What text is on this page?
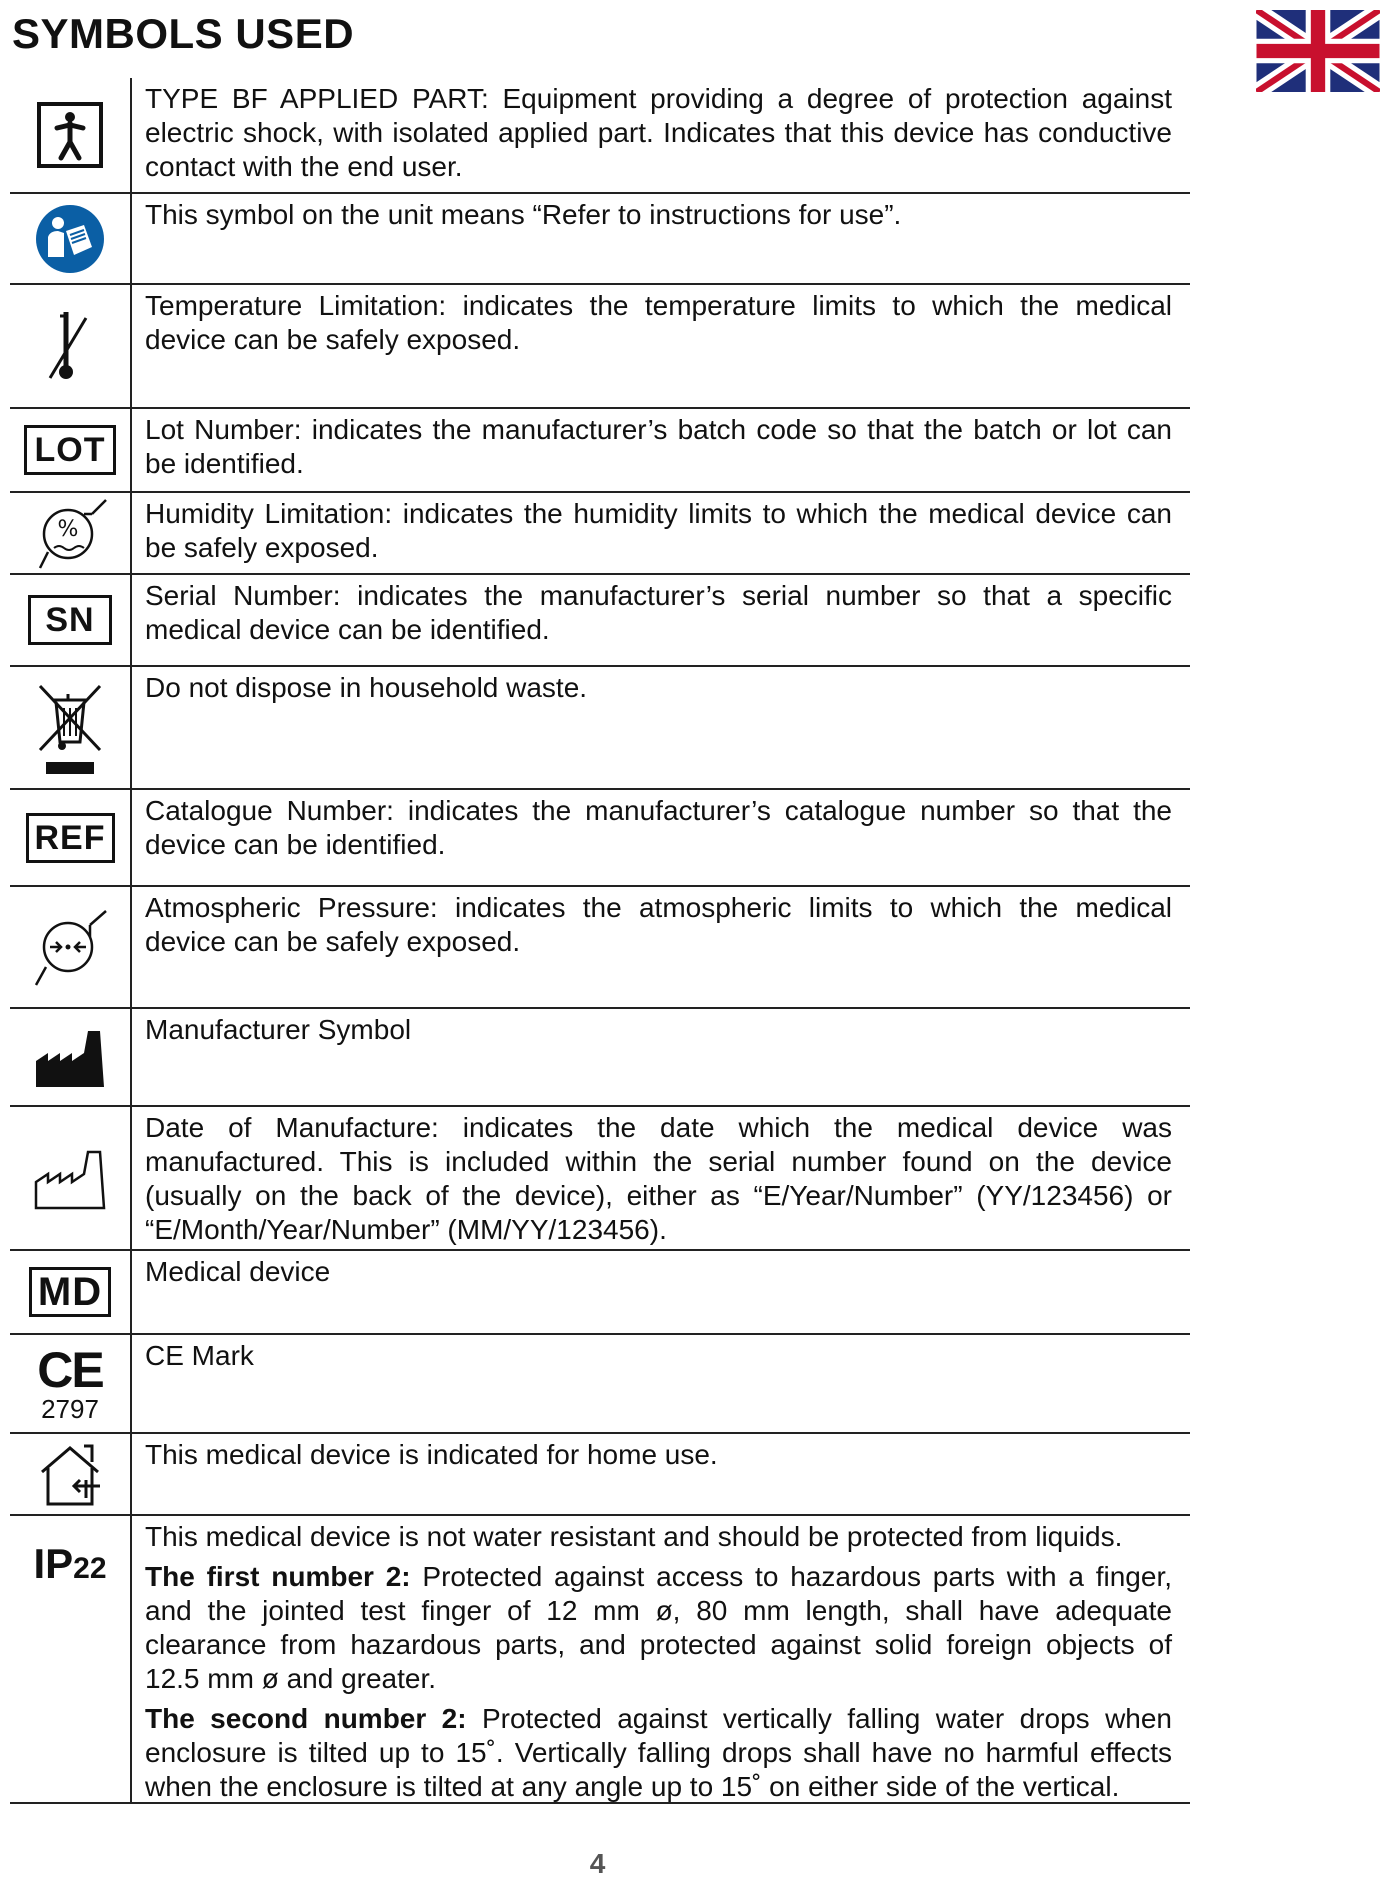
SYMBOLS USED

TYPE BF APPLIED PART: Equipment providing a degree of protection against electric shock, with isolated applied part. Indicates that this device has conductive contact with the end user.

This symbol on the unit means “Refer to instructions for use”.

Temperature Limitation: indicates the temperature limits to which the medical device can be safely exposed.

LOT

Lot Number: indicates the manufacturer’s batch code so that the batch or lot can be identified.

%

Humidity Limitation: indicates the humidity limits to which the medical device can be safely exposed.

SN

Serial Number: indicates the manufacturer’s serial number so that a specific medical device can be identified.

Do not dispose in household waste.

REF

Catalogue Number: indicates the manufacturer’s catalogue number so that the device can be identified.

Atmospheric Pressure: indicates the atmospheric limits to which the medical device can be safely exposed.

Manufacturer Symbol

Date of Manufacture: indicates the date which the medical device was manufactured. This is included within the serial number found on the device (usually on the back of the device), either as “E/Year/Number” (YY/123456) or “E/Month/Year/Number” (MM/YY/123456).

MD	Medical device

CE
2797

CE Mark

This medical device is indicated for home use.

IP22

This medical device is not water resistant and should be protected from liquids.

The first number 2: Protected against access to hazardous parts with a finger, and the jointed test finger of 12 mm ø, 80 mm length, shall have adequate clearance from hazardous parts, and protected against solid foreign objects of 12.5 mm ø and greater.

The second number 2: Protected against vertically falling water drops when enclosure is tilted up to 15˚. Vertically falling drops shall have no harmful effects when the enclosure is tilted at any angle up to 15˚ on either side of the vertical.

4
